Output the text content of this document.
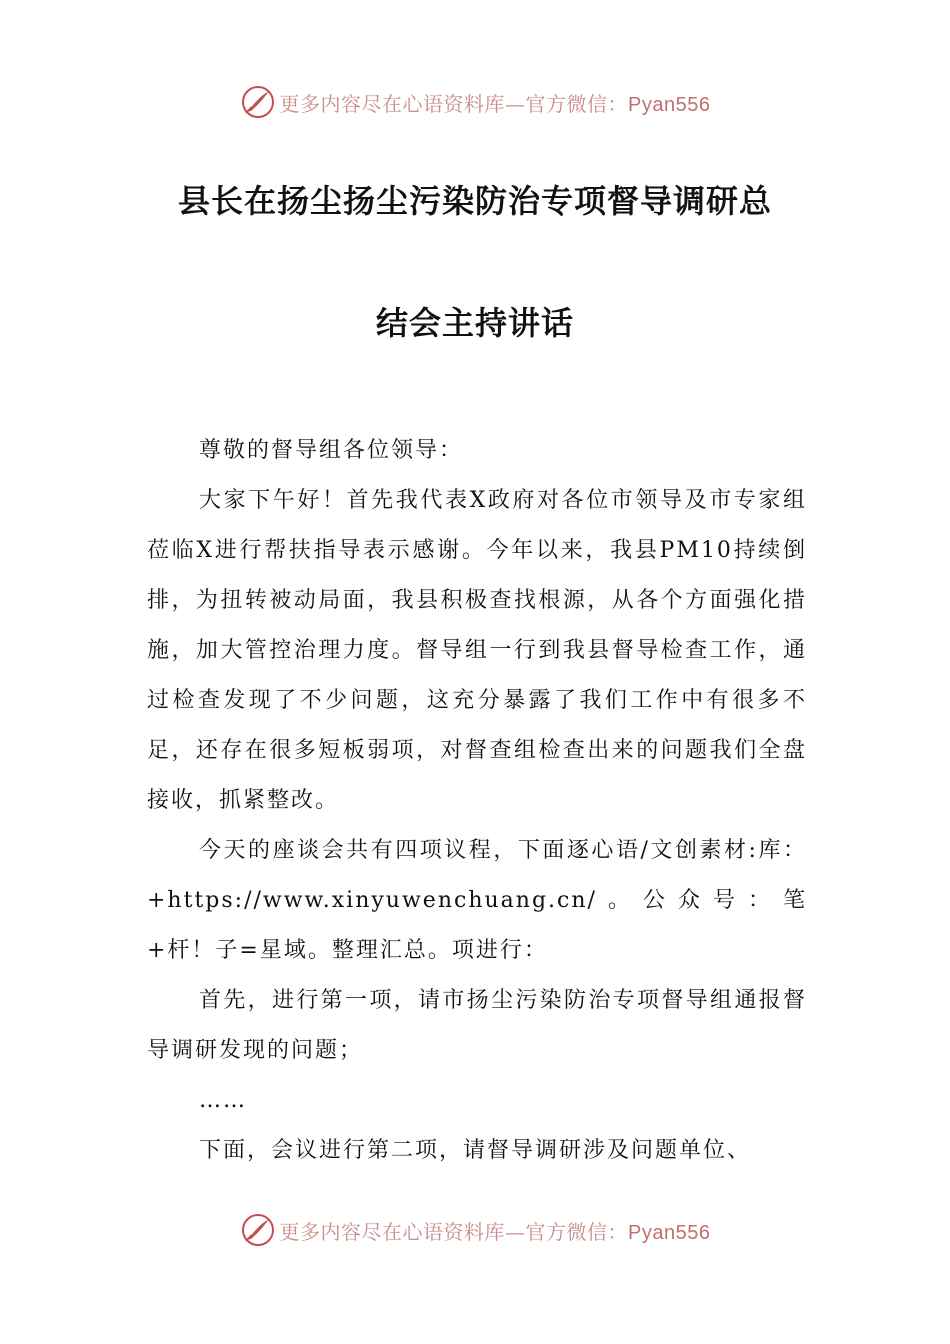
更多内容尽在心语资料库—官方微信：Pyan556
县长在扬尘扬尘污染防治专项督导调研总
结会主持讲话

尊敬的督导组各位领导：

大家下午好！首先我代表X政府对各位市领导及市专家组莅临X进行帮扶指导表示感谢。今年以来，我县PM10持续倒排，为扭转被动局面，我县积极查找根源，从各个方面强化措施，加大管控治理力度。督导组一行到我县督导检查工作，通过检查发现了不少问题，这充分暴露了我们工作中有很多不足，还存在很多短板弱项，对督查组检查出来的问题我们全盘接收，抓紧整改。

今天的座谈会共有四项议程，下面逐心语/文创素材:库：+https://www.xinyuwenchuang.cn/。公众号：笔+杆！子=星域。整理汇总。项进行：

首先，进行第一项，请市扬尘污染防治专项督导组通报督导调研发现的问题；

……

下面，会议进行第二项，请督导调研涉及问题单位、

更多内容尽在心语资料库—官方微信：Pyan556
